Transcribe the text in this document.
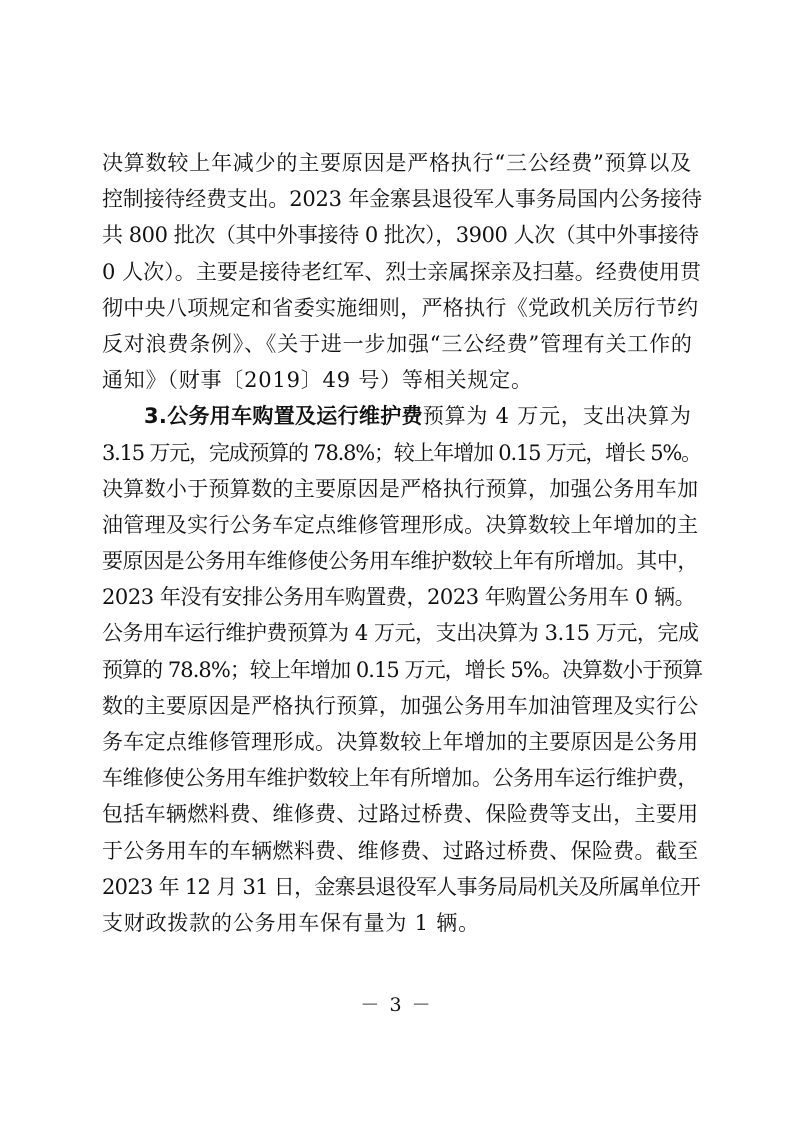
决算数较上年减少的主要原因是严格执行“三公经费”预算以及
控制接待经费支出。2023 年金寨县退役军人事务局国内公务接待
共 800 批次（其中外事接待 0 批次），3900 人次（其中外事接待
0 人次）。主要是接待老红军、烈士亲属探亲及扫墓。经费使用贯
彻中央八项规定和省委实施细则，严格执行《党政机关厉行节约
反对浪费条例》、《关于进一步加强“三公经费”管理有关工作的
通知》（财事〔2019〕49 号）等相关规定。
3.公务用车购置及运行维护费预算为 4 万元，支出决算为
3.15 万元，完成预算的 78.8%；较上年增加 0.15 万元，增长 5%。
决算数小于预算数的主要原因是严格执行预算，加强公务用车加
油管理及实行公务车定点维修管理形成。决算数较上年增加的主
要原因是公务用车维修使公务用车维护数较上年有所增加。其中，
2023 年没有安排公务用车购置费，2023 年购置公务用车 0 辆。
公务用车运行维护费预算为 4 万元，支出决算为 3.15 万元，完成
预算的 78.8%；较上年增加 0.15 万元，增长 5%。决算数小于预算
数的主要原因是严格执行预算，加强公务用车加油管理及实行公
务车定点维修管理形成。决算数较上年增加的主要原因是公务用
车维修使公务用车维护数较上年有所增加。公务用车运行维护费，
包括车辆燃料费、维修费、过路过桥费、保险费等支出，主要用
于公务用车的车辆燃料费、维修费、过路过桥费、保险费。截至
2023 年 12 月 31 日，金寨县退役军人事务局局机关及所属单位开
支财政拨款的公务用车保有量为 1 辆。
－ 3 －
